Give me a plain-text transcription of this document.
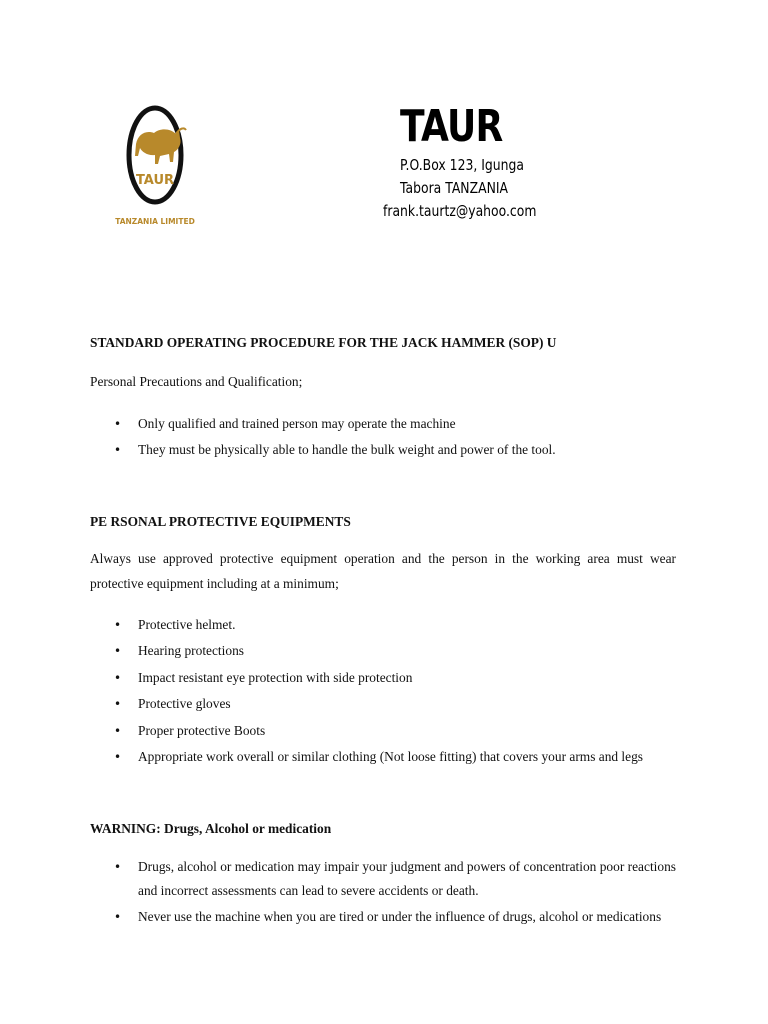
TAUR
TANZANIA LIMITED
TAUR
P.O.Box 123, Igunga
Tabora TANZANIA
frank.taurtz@yahoo.com
STANDARD OPERATING PROCEDURE FOR THE JACK HAMMER (SOP) U
Personal Precautions and Qualification;
• Only qualified and trained person may operate the machine
• They must be physically able to handle the bulk weight and power of the tool.
PE RSONAL PROTECTIVE EQUIPMENTS
Always use approved protective equipment operation and the person in the working area must wear protective equipment including at a minimum;
• Protective helmet.
• Hearing protections
• Impact resistant eye protection with side protection
• Protective gloves
• Proper protective Boots
• Appropriate work overall or similar clothing (Not loose fitting) that covers your arms and legs
WARNING: Drugs, Alcohol or medication
• Drugs, alcohol or medication may impair your judgment and powers of concentration poor reactions and incorrect assessments can lead to severe accidents or death.
• Never use the machine when you are tired or under the influence of drugs, alcohol or medications
